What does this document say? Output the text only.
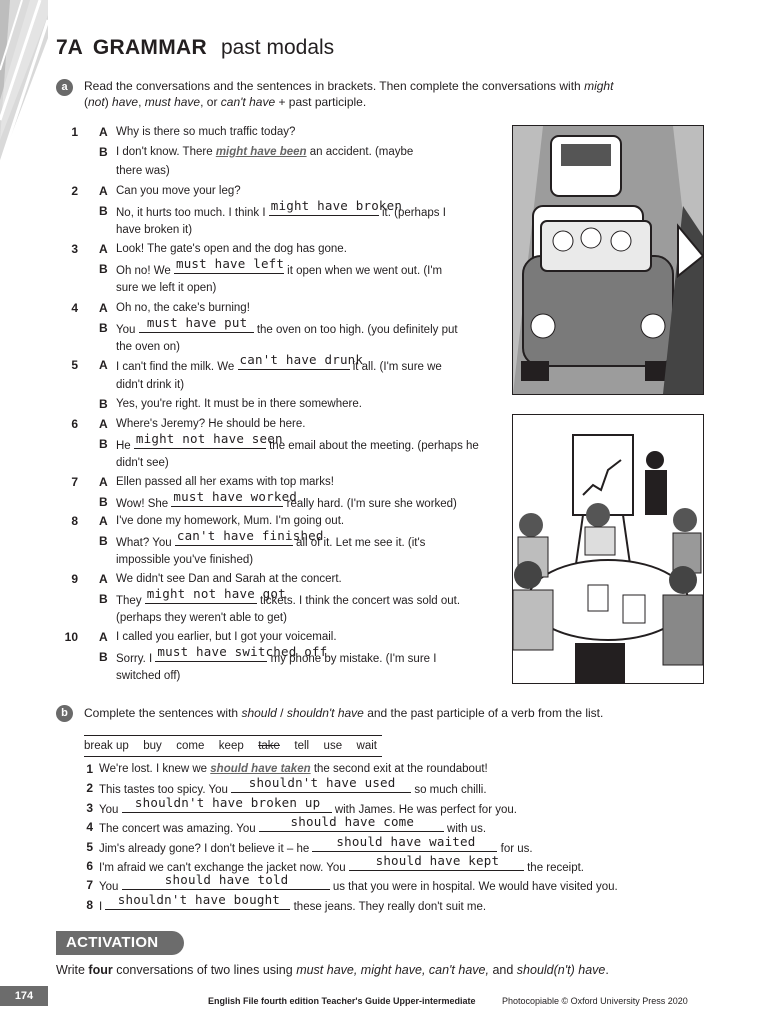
7A GRAMMAR past modals
a	Read the conversations and the sentences in brackets. Then complete the conversations with might
(not) have, must have, or can't have + past participle.
1 A Why is there so much traffic today?
B I don't know. There might have been an accident. (maybe
there was)
2 A Can you move your leg?
B No, it hurts too much. I think I might have broken
it. (perhaps I
have broken it)
3 A Look! The gate's open and the dog has gone.
B Oh no! We must have left it open when we went out. (I'm
sure we left it open)
4 A Oh no, the cake's burning!
B You must have put the oven on too high. (you definitely put
the oven on)
5 A I can't find the milk. We can't have drunk
it all. (I'm sure we
didn't drink it)
B Yes, you're right. It must be in there somewhere.
6 A Where's Jeremy? He should be here.
B He might not have seen
the email about the meeting. (perhaps he
didn't see)
7 A Ellen passed all her exams with top marks!
B Wow! She must have worked
really hard. (I'm sure she worked)
8 A I've done my homework, Mum. I'm going out.
B What? You can't have finished
all of it. Let me see it. (it's
impossible you've finished)
9 A We didn't see Dan and Sarah at the concert.
B They might not have got
tickets. I think the concert was sold out.
(perhaps they weren't able to get)
10 A I called you earlier, but I got your voicemail.
B Sorry. I must have switched off
my phone by mistake. (I'm sure I
switched off)
b	Complete the sentences with should / shouldn't have and the past participle of a verb from the list.
break up buy come keep take tell use wait
1 We're lost. I knew we should have taken the second exit at the roundabout!
2 This tastes too spicy. You	shouldn't have used	so much chilli.
3 You	shouldn't have broken up	with James. He was perfect for you.
4 The concert was amazing. You	should have come	with us.
5 Jim's already gone? I don't believe it – he	should have waited	for us.
6 I'm afraid we can't exchange the jacket now. You	should have kept	the receipt.
7 You	should have told	us that you were in hospital. We would have visited you.
8 I	shouldn't have bought	these jeans. They really don't suit me.
ACTIVATION
Write four conversations of two lines using must have, might have, can't have, and should(n't) have.
174	English File fourth edition Teacher's Guide Upper-intermediate	Photocopiable © Oxford University Press 2020
